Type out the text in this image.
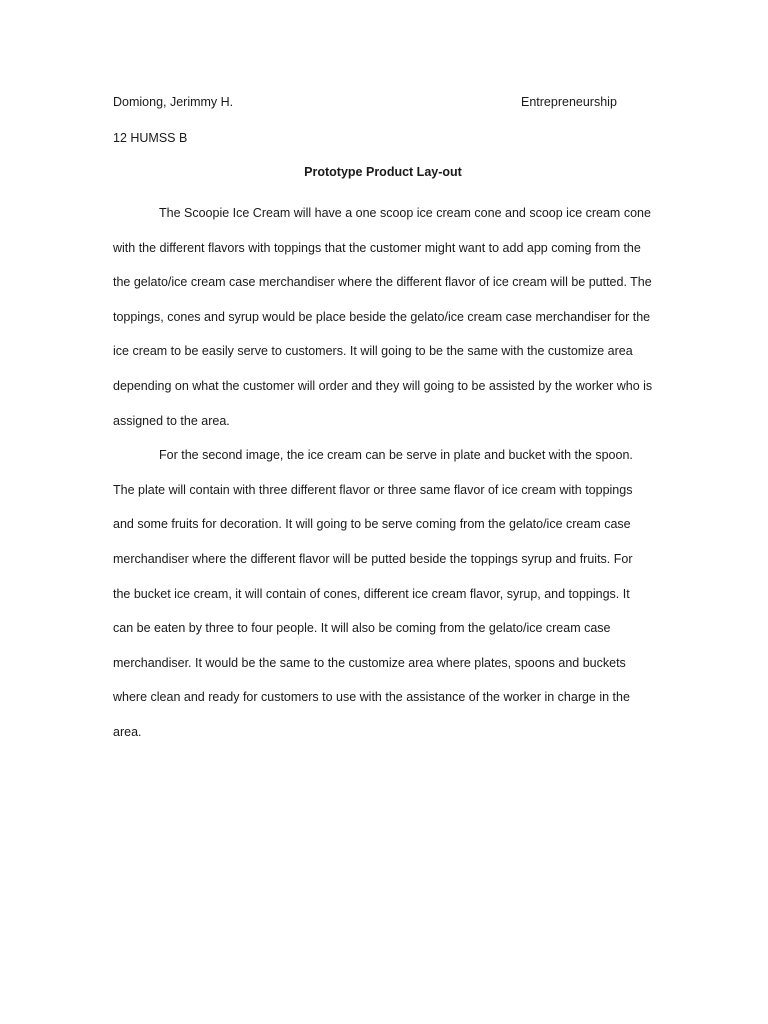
Domiong, Jerimmy H.	Entrepreneurship
12 HUMSS B
Prototype Product Lay-out

The Scoopie Ice Cream will have a one scoop ice cream cone and scoop ice cream cone with the different flavors with toppings that the customer might want to add app coming from the the gelato/ice cream case merchandiser where the different flavor of ice cream will be putted. The toppings, cones and syrup would be place beside the gelato/ice cream case merchandiser for the ice cream to be easily serve to customers. It will going to be the same with the customize area depending on what the customer will order and they will going to be assisted by the worker who is assigned to the area.

For the second image, the ice cream can be serve in plate and bucket with the spoon. The plate will contain with three different flavor or three same flavor of ice cream with toppings and some fruits for decoration. It will going to be serve coming from the gelato/ice cream case merchandiser where the different flavor will be putted beside the toppings syrup and fruits. For the bucket ice cream, it will contain of cones, different ice cream flavor, syrup, and toppings. It can be eaten by three to four people. It will also be coming from the gelato/ice cream case merchandiser. It would be the same to the customize area where plates, spoons and buckets where clean and ready for customers to use with the assistance of the worker in charge in the area.
